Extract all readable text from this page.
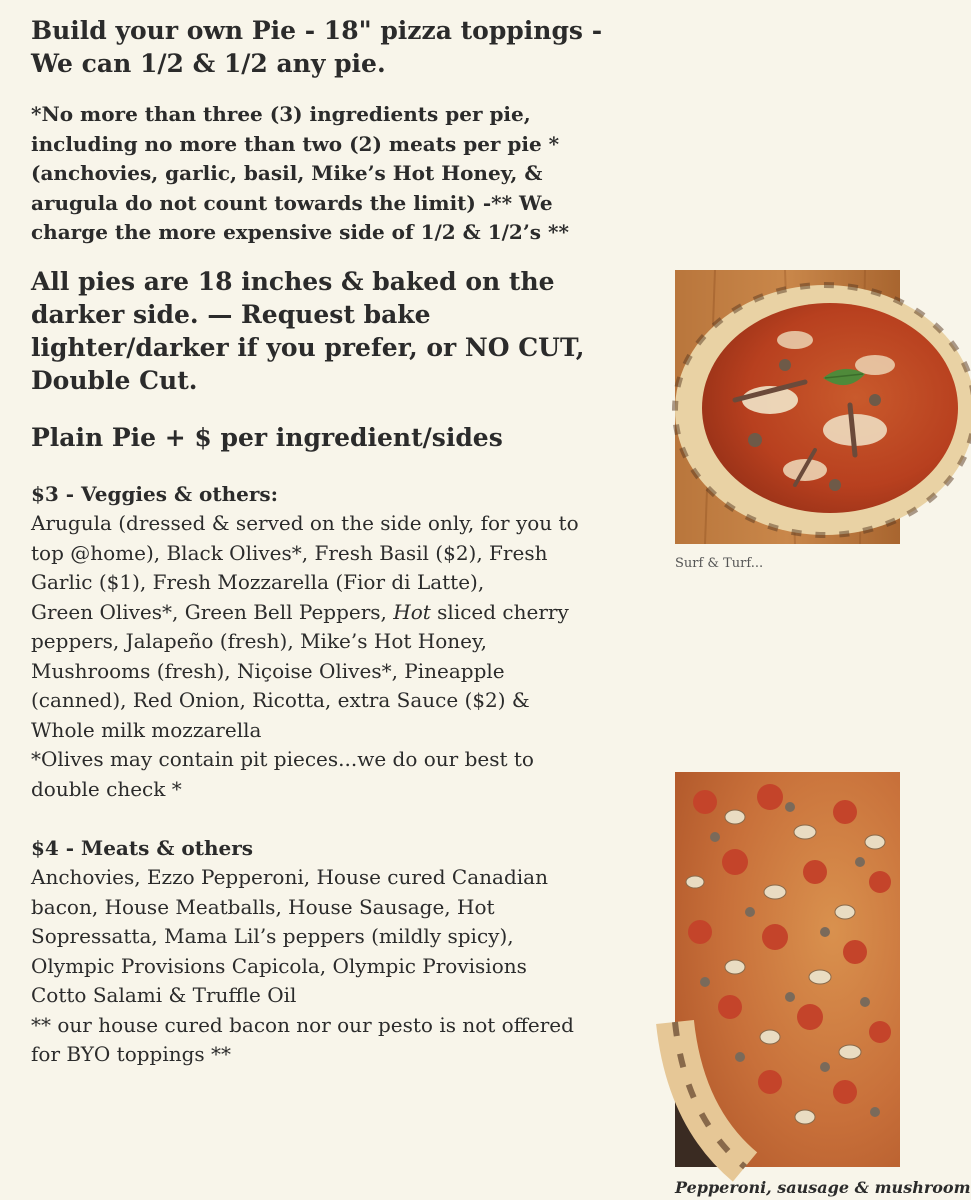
Build your own Pie - 18" pizza toppings -
We can 1/2 & 1/2 any pie.

*No more than three (3) ingredients per pie,
including no more than two (2) meats per pie *
(anchovies, garlic, basil, Mike’s Hot Honey, &
arugula do not count towards the limit) -** We
charge the more expensive side of 1/2 & 1/2’s **

All pies are 18 inches & baked on the
darker side. — Request bake
lighter/darker if you prefer, or NO CUT,
Double Cut.

Plain Pie + $ per ingredient/sides

$3 - Veggies & others:

Arugula (dressed & served on the side only, for you to
top @home), Black Olives*, Fresh Basil ($2), Fresh
Garlic ($1), Fresh Mozzarella (Fior di Latte),
Green Olives*, Green Bell Peppers, Hot sliced cherry
peppers, Jalapeño (fresh), Mike’s Hot Honey,
Mushrooms (fresh), Niçoise Olives*, Pineapple
(canned), Red Onion, Ricotta, extra Sauce ($2) &
Whole milk mozzarella
*Olives may contain pit pieces...we do our best to
double check *

$4 - Meats & others

Anchovies, Ezzo Pepperoni, House cured Canadian
bacon, House Meatballs, House Sausage, Hot
Sopressatta, Mama Lil’s peppers (mildly spicy),
Olympic Provisions Capicola, Olympic Provisions
Cotto Salami & Truffle Oil
** our house cured bacon nor our pesto is not offered
for BYO toppings **

Surf & Turf...
Pepperoni, sausage & mushroom
